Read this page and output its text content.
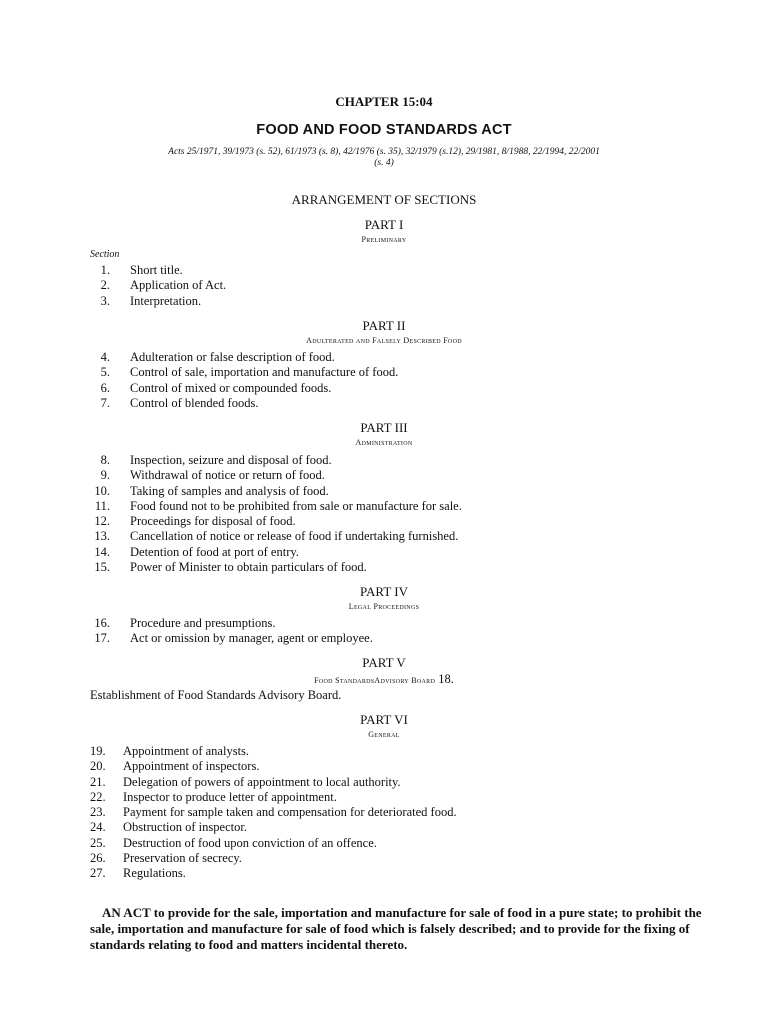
CHAPTER 15:04

FOOD AND FOOD STANDARDS ACT

Acts 25/1971, 39/1973 (s. 52), 61/1973 (s. 8), 42/1976 (s. 35), 32/1979 (s.12), 29/1981, 8/1988, 22/1994, 22/2001
(s. 4)

ARRANGEMENT OF SECTIONS

PART I

Preliminary

Section
1. Short title.
2. Application of Act.
3. Interpretation.

PART II

Adulterated and Falsely Described Food

4. Adulteration or false description of food.
5. Control of sale, importation and manufacture of food.
6. Control of mixed or compounded foods.
7. Control of blended foods.

PART III

Administration

8. Inspection, seizure and disposal of food.
9. Withdrawal of notice or return of food.
10. Taking of samples and analysis of food.
11. Food found not to be prohibited from sale or manufacture for sale.
12. Proceedings for disposal of food.
13. Cancellation of notice or release of food if undertaking furnished.
14. Detention of food at port of entry.
15. Power of Minister to obtain particulars of food.

PART IV

Legal Proceedings

16. Procedure and presumptions.
17. Act or omission by manager, agent or employee.

PART V

Food StandardsAdvisory Board 18.

Establishment of Food Standards Advisory Board.

PART VI

General

19. Appointment of analysts.
20. Appointment of inspectors.
21. Delegation of powers of appointment to local authority.
22. Inspector to produce letter of appointment.
23. Payment for sample taken and compensation for deteriorated food.
24. Obstruction of inspector.
25. Destruction of food upon conviction of an offence.
26. Preservation of secrecy.
27. Regulations.

AN ACT to provide for the sale, importation and manufacture for sale of food in a pure state; to prohibit the sale, importation and manufacture for sale of food which is falsely described; and to provide for the fixing of standards relating to food and matters incidental thereto.
